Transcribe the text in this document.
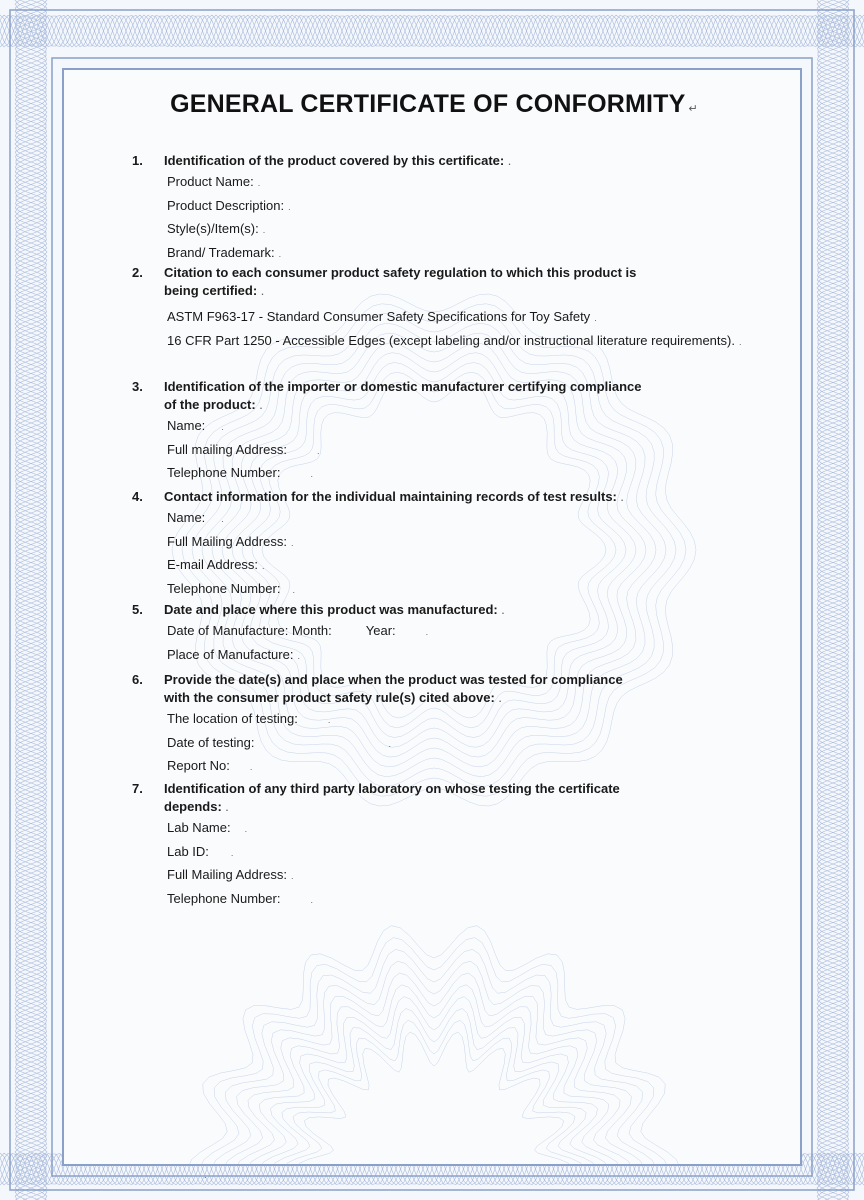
GENERAL CERTIFICATE OF CONFORMITY ↵
1. Identification of the product covered by this certificate: .
Product Name: .
Product Description: .
Style(s)/Item(s): .
Brand/ Trademark: .
2. Citation to each consumer product safety regulation to which this product is
being certified: .
ASTM F963-17 - Standard Consumer Safety Specifications for Toy Safety .
16 CFR Part 1250 - Accessible Edges (except labeling and/or instructional literature requirements). .
3. Identification of the importer or domestic manufacturer certifying compliance
of the product: .
Name: .
Full mailing Address:	.
Telephone Number:	.
4. Contact information for the individual maintaining records of test results: .
Name: .
Full Mailing Address: .
E-mail Address: .
Telephone Number: .
5. Date and place where this product was manufactured: .
Date of Manufacture: Month:	Year:	.
Place of Manufacture: .
6. Provide the date(s) and place when the product was tested for compliance
with the consumer product safety rule(s) cited above: .
The location of testing:	.
Date of testing:	.
Report No: .
7. Identification of any third party laboratory on whose testing the certificate
depends: .
Lab Name: .
Lab ID: .
Full Mailing Address: .
Telephone Number:	.
.
